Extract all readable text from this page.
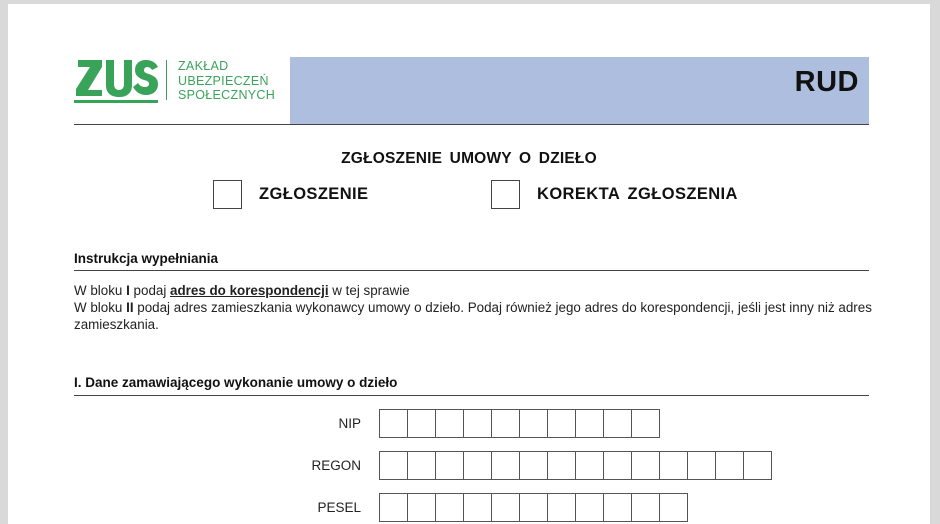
ZAKŁAD
UBEZPIECZEŃ
SPOŁECZNYCH	RUD
ZGŁOSZENIE UMOWY O DZIEŁO
ZGŁOSZENIE	KOREKTA ZGŁOSZENIA
Instrukcja wypełniania
W bloku I podaj adres do korespondencji w tej sprawie
W bloku II podaj adres zamieszkania wykonawcy umowy o dzieło. Podaj również jego adres do korespondencji, jeśli jest inny niż adres zamieszkania.
I. Dane zamawiającego wykonanie umowy o dzieło
NIP
REGON
PESEL
